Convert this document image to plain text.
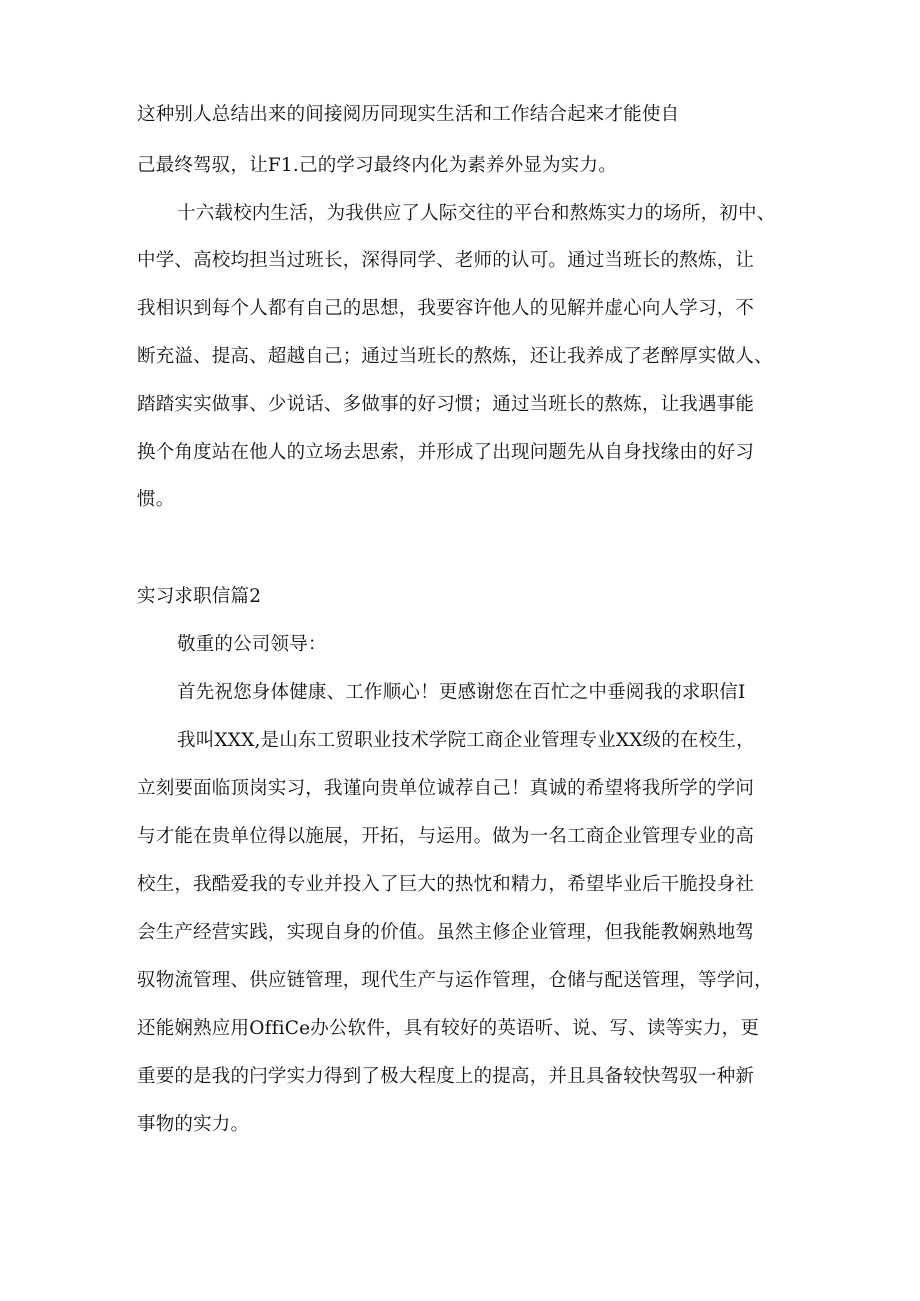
这种别人总结出来的间接阅历同现实生活和工作结合起来才能使自
己最终驾驭，让F1.己的学习最终内化为素养外显为实力。
十六载校内生活，为我供应了人际交往的平台和熬炼实力的场所，初中、
中学、高校均担当过班长，深得同学、老师的认可。通过当班长的熬炼，让
我相识到每个人都有自己的思想，我要容许他人的见解并虚心向人学习，不
断充溢、提高、超越自己；通过当班长的熬炼，还让我养成了老醉厚实做人、
踏踏实实做事、少说话、多做事的好习惯；通过当班长的熬炼，让我遇事能
换个角度站在他人的立场去思索，并形成了出现问题先从自身找缘由的好习
惯。
实习求职信篇2
敬重的公司领导：
首先祝您身体健康、工作顺心！更感谢您在百忙之中垂阅我的求职信I
我叫XXX,是山东工贸职业技术学院工商企业管理专业XX级的在校生，
立刻要面临顶岗实习，我谨向贵单位诚荐自己！真诚的希望将我所学的学问
与才能在贵单位得以施展，开拓，与运用。做为一名工商企业管理专业的高
校生，我酷爱我的专业并投入了巨大的热忱和精力，希望毕业后干脆投身社
会生产经营实践，实现自身的价值。虽然主修企业管理，但我能教娴熟地驾
驭物流管理、供应链管理，现代生产与运作管理，仓储与配送管理，等学问，
还能娴熟应用OffiCe办公软件，具有较好的英语听、说、写、读等实力，更
重要的是我的闩学实力得到了极大程度上的提高，并且具备较快驾驭一种新
事物的实力。
